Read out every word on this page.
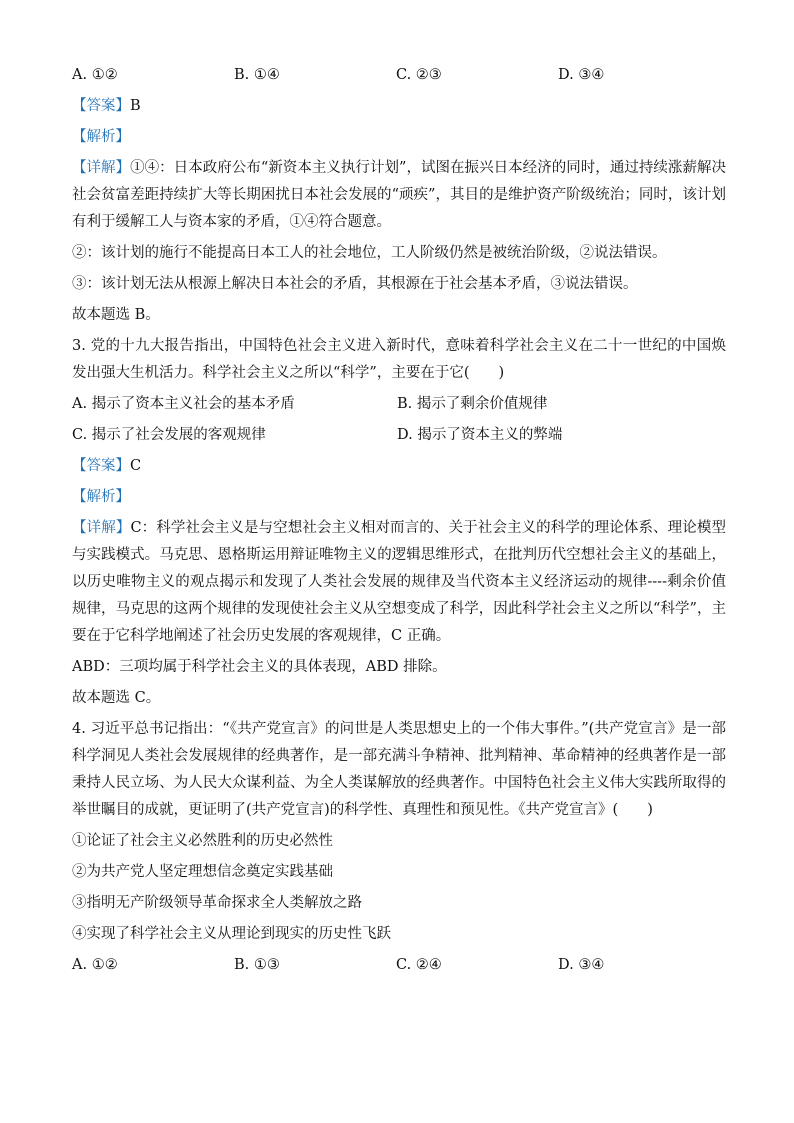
A. ①②	B. ①④	C. ②③	D. ③④
【答案】B
【解析】

【详解】①④：日本政府公布“新资本主义执行计划”，试图在振兴日本经济的同时，通过持续涨薪解决社会贫富差距持续扩大等长期困扰日本社会发展的“顽疾”，其目的是维护资产阶级统治；同时，该计划有利于缓解工人与资本家的矛盾，①④符合题意。

②：该计划的施行不能提高日本工人的社会地位，工人阶级仍然是被统治阶级，②说法错误。

③：该计划无法从根源上解决日本社会的矛盾，其根源在于社会基本矛盾，③说法错误。

故本题选 B。

3. 党的十九大报告指出，中国特色社会主义进入新时代，意味着科学社会主义在二十一世纪的中国焕发出强大生机活力。科学社会主义之所以“科学”，主要在于它(　　)

A. 揭示了资本主义社会的基本矛盾	B. 揭示了剩余价值规律
C. 揭示了社会发展的客观规律	D. 揭示了资本主义的弊端
【答案】C
【解析】

【详解】C：科学社会主义是与空想社会主义相对而言的、关于社会主义的科学的理论体系、理论模型与实践模式。马克思、恩格斯运用辩证唯物主义的逻辑思维形式，在批判历代空想社会主义的基础上，以历史唯物主义的观点揭示和发现了人类社会发展的规律及当代资本主义经济运动的规律----剩余价值规律，马克思的这两个规律的发现使社会主义从空想变成了科学，因此科学社会主义之所以“科学”，主要在于它科学地阐述了社会历史发展的客观规律，C 正确。

ABD：三项均属于科学社会主义的具体表现，ABD 排除。

故本题选 C。

4. 习近平总书记指出：“《共产党宣言》的问世是人类思想史上的一个伟大事件。”(共产党宣言》是一部科学洞见人类社会发展规律的经典著作，是一部充满斗争精神、批判精神、革命精神的经典著作是一部秉持人民立场、为人民大众谋利益、为全人类谋解放的经典著作。中国特色社会主义伟大实践所取得的举世瞩目的成就，更证明了(共产党宣言)的科学性、真理性和预见性。《共产党宣言》(　　)

①论证了社会主义必然胜利的历史必然性

②为共产党人坚定理想信念奠定实践基础

③指明无产阶级领导革命探求全人类解放之路

④实现了科学社会主义从理论到现实的历史性飞跃

A. ①②	B. ①③	C. ②④	D. ③④
